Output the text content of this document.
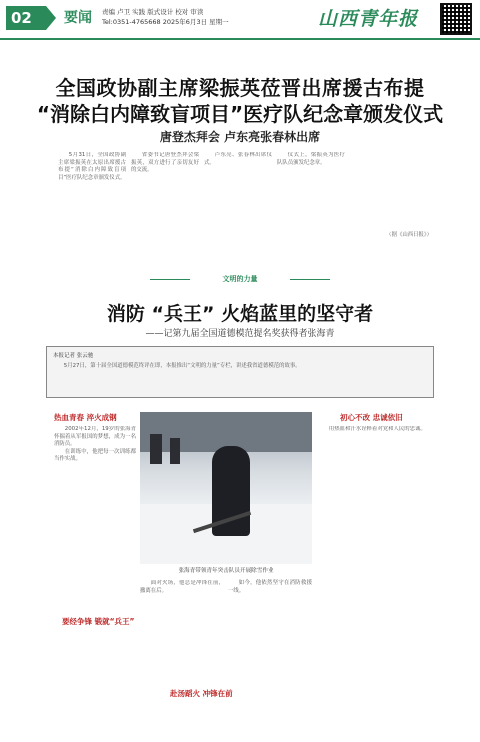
02	要闻 责编 卢卫 实践 版式设计 校对 审读
Tel:0351-4765668 2025年6月3日 星期一	山西青年报
全国政协副主席梁振英莅晋出席援古布提
“消除白内障致盲项目”医疗队纪念章颁发仪式
唐登杰拜会 卢东亮张春林出席

5月31日，全国政协副主席梁振英在太原出席援古布提“消除白内障致盲项目”医疗队纪念章颁发仪式。

省委书记唐登杰拜会梁振英，双方进行了亲切友好的交流。

卢东亮、张春林出席仪式。

仪式上，梁振英为医疗队队员颁发纪念章。

（据《山西日报》）

文明的力量
消防 “兵王” 火焰蓝里的坚守者
——记第九届全国道德模范提名奖获得者张海青
本报记者 张云驰
5月27日，第十届全国道德模范终评在即，本报推出“文明的力量”专栏，讲述我省道德模范的故事。
热血青春 淬火成钢

2002年12月，19岁的张海青怀揣着从军报国的梦想，成为一名消防员。

在训练中，他把每一次训练都当作实战。

要经争锋 锻就“兵王”
张海青带领青年突击队员开展除雪作业

面对火场，他总是冲锋在前，撤离在后。

赴汤蹈火 冲锋在前
初心不改 忠诚依旧

如今，他依然坚守在消防救援一线。

用热血和汗水诠释着对党和人民的忠诚。
